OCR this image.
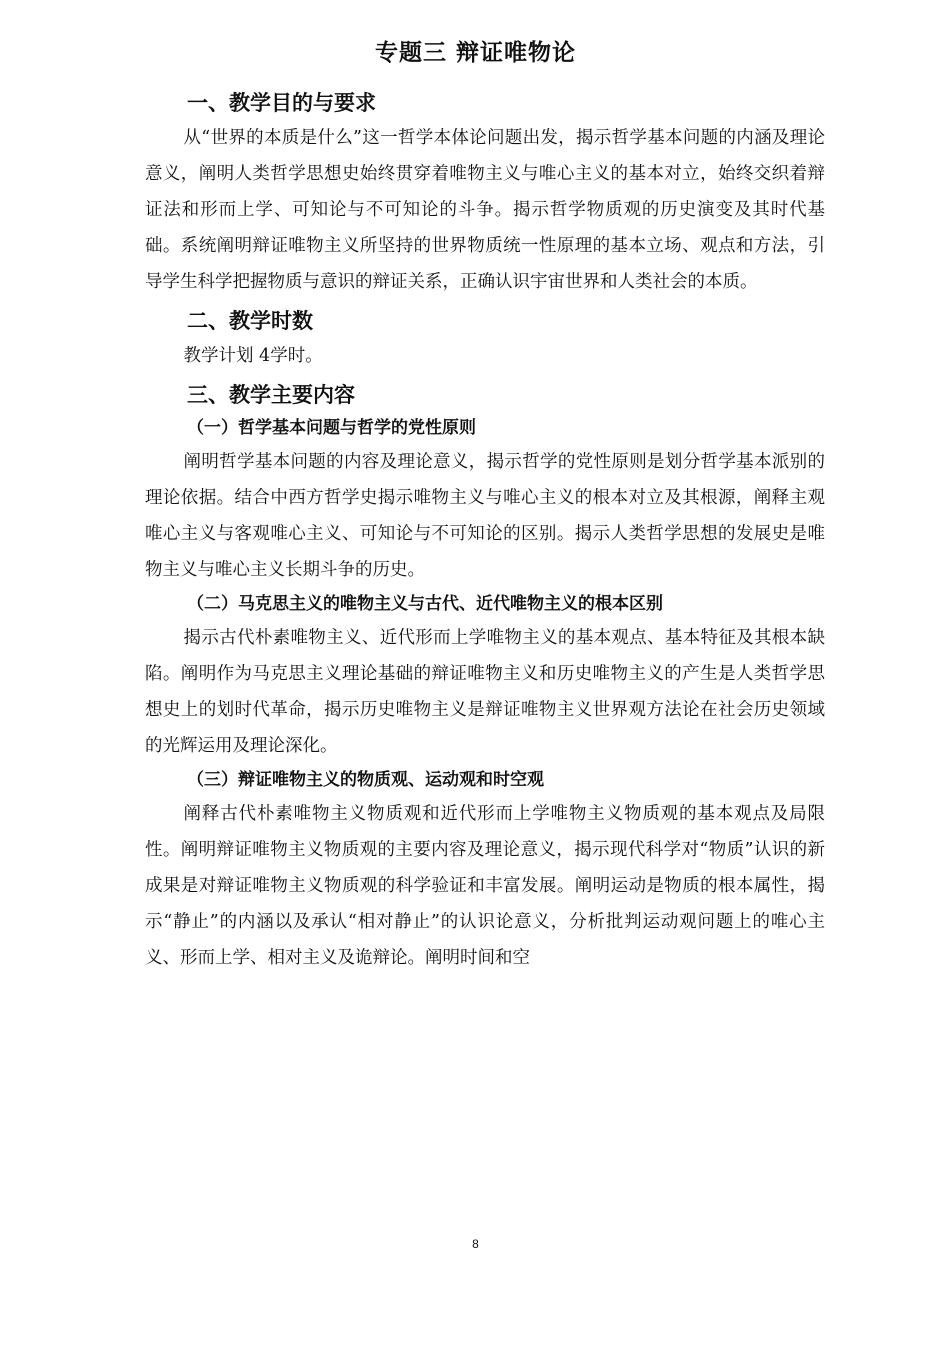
专题三 辩证唯物论
一、教学目的与要求

从“世界的本质是什么”这一哲学本体论问题出发，揭示哲学基本问题的内涵及理论意义，阐明人类哲学思想史始终贯穿着唯物主义与唯心主义的基本对立，始终交织着辩证法和形而上学、可知论与不可知论的斗争。揭示哲学物质观的历史演变及其时代基础。系统阐明辩证唯物主义所坚持的世界物质统一性原理的基本立场、观点和方法，引导学生科学把握物质与意识的辩证关系，正确认识宇宙世界和人类社会的本质。

二、教学时数

教学计划 4学时。

三、教学主要内容
（一）哲学基本问题与哲学的党性原则

阐明哲学基本问题的内容及理论意义，揭示哲学的党性原则是划分哲学基本派别的理论依据。结合中西方哲学史揭示唯物主义与唯心主义的根本对立及其根源，阐释主观唯心主义与客观唯心主义、可知论与不可知论的区别。揭示人类哲学思想的发展史是唯物主义与唯心主义长期斗争的历史。

（二）马克思主义的唯物主义与古代、近代唯物主义的根本区别

揭示古代朴素唯物主义、近代形而上学唯物主义的基本观点、基本特征及其根本缺陷。阐明作为马克思主义理论基础的辩证唯物主义和历史唯物主义的产生是人类哲学思想史上的划时代革命，揭示历史唯物主义是辩证唯物主义世界观方法论在社会历史领域的光辉运用及理论深化。

（三）辩证唯物主义的物质观、运动观和时空观

阐释古代朴素唯物主义物质观和近代形而上学唯物主义物质观的基本观点及局限性。阐明辩证唯物主义物质观的主要内容及理论意义，揭示现代科学对“物质”认识的新成果是对辩证唯物主义物质观的科学验证和丰富发展。阐明运动是物质的根本属性，揭示“静止”的内涵以及承认“相对静止”的认识论意义，分析批判运动观问题上的唯心主义、形而上学、相对主义及诡辩论。阐明时间和空

8
